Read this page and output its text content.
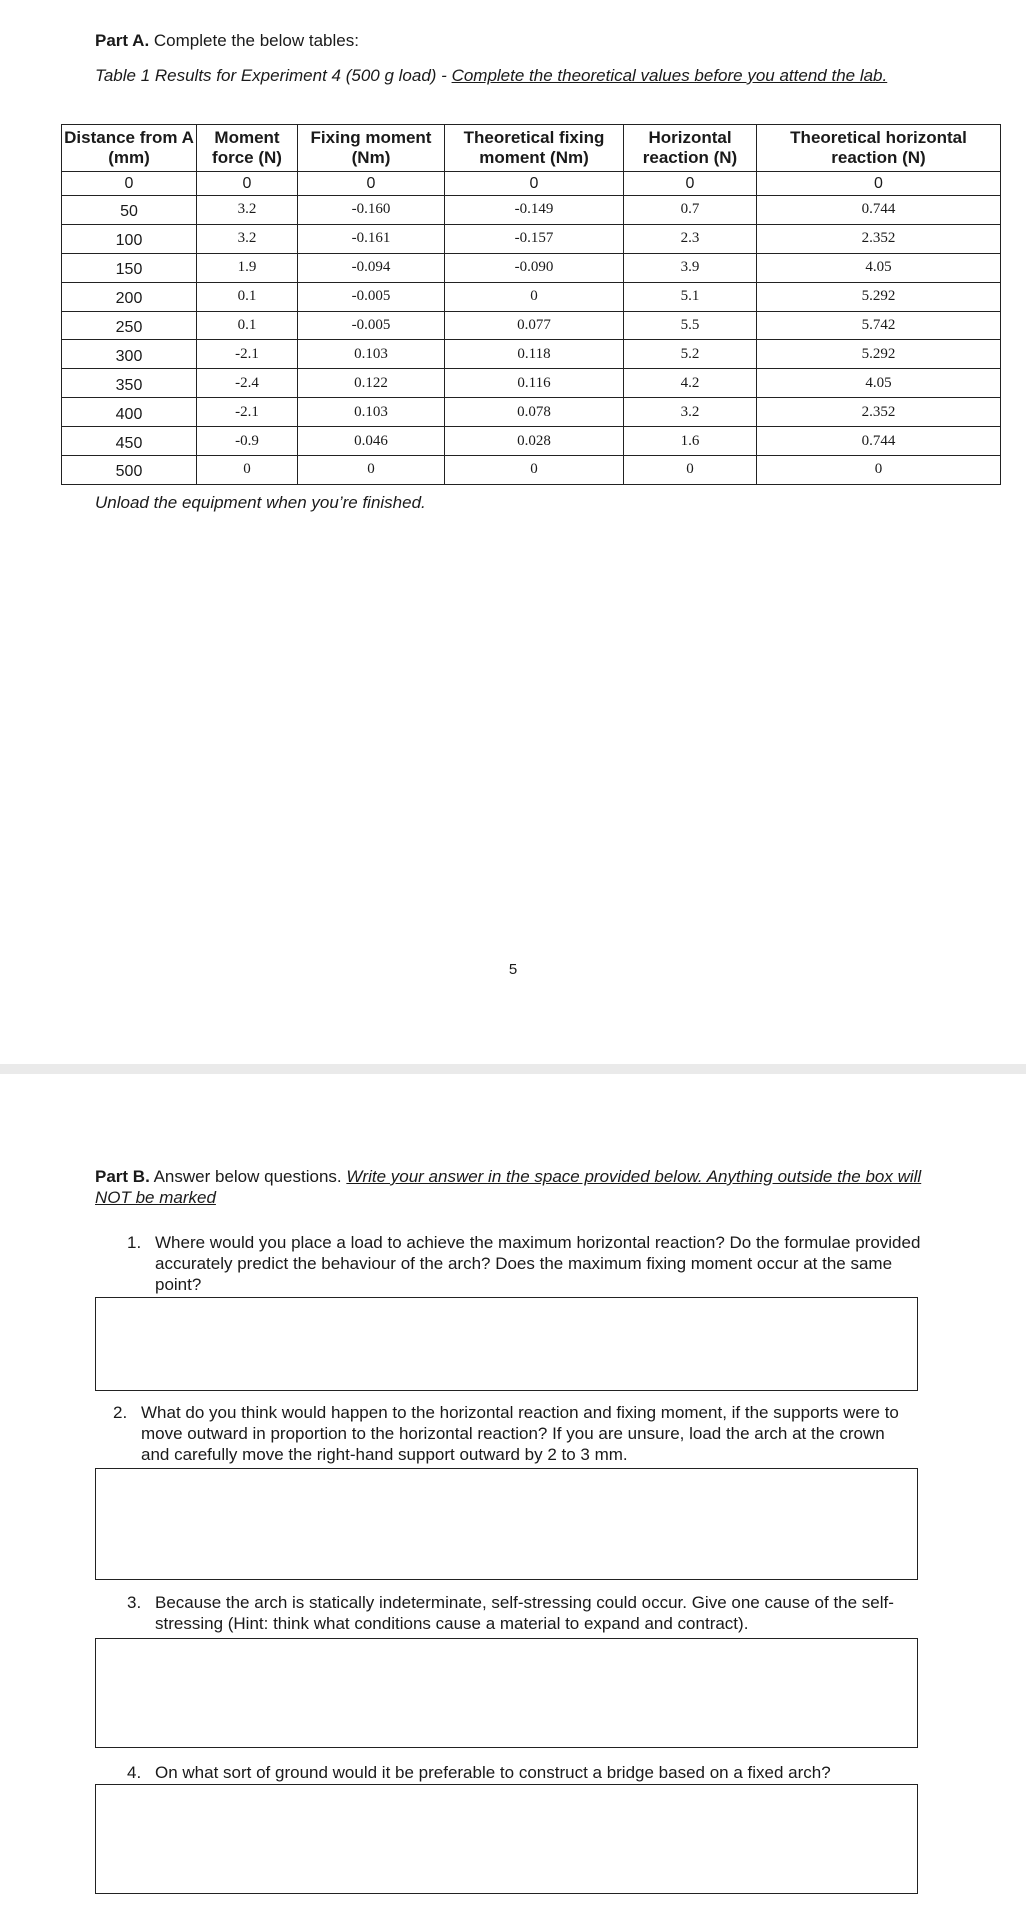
Part A. Complete the below tables:
Table 1 Results for Experiment 4 (500 g load) - Complete the theoretical values before you attend the lab.
Distance from A (mm)	Moment force (N)	Fixing moment (Nm)	Theoretical fixing moment (Nm)	Horizontal reaction (N)	Theoretical horizontal reaction (N)
0	0	0	0	0	0
50	3.2	-0.160	-0.149	0.7	0.744
100	3.2	-0.161	-0.157	2.3	2.352
150	1.9	-0.094	-0.090	3.9	4.05
200	0.1	-0.005	0	5.1	5.292
250	0.1	-0.005	0.077	5.5	5.742
300	-2.1	0.103	0.118	5.2	5.292
350	-2.4	0.122	0.116	4.2	4.05
400	-2.1	0.103	0.078	3.2	2.352
450	-0.9	0.046	0.028	1.6	0.744
500	0	0	0	0	0
Unload the equipment when you’re finished.
5
Part B. Answer below questions. Write your answer in the space provided below. Anything outside the box will NOT be marked
1. Where would you place a load to achieve the maximum horizontal reaction? Do the formulae provided accurately predict the behaviour of the arch? Does the maximum fixing moment occur at the same point?
2. What do you think would happen to the horizontal reaction and fixing moment, if the supports were to move outward in proportion to the horizontal reaction? If you are unsure, load the arch at the crown and carefully move the right-hand support outward by 2 to 3 mm.
3. Because the arch is statically indeterminate, self-stressing could occur. Give one cause of the self-stressing (Hint: think what conditions cause a material to expand and contract).
4. On what sort of ground would it be preferable to construct a bridge based on a fixed arch?
